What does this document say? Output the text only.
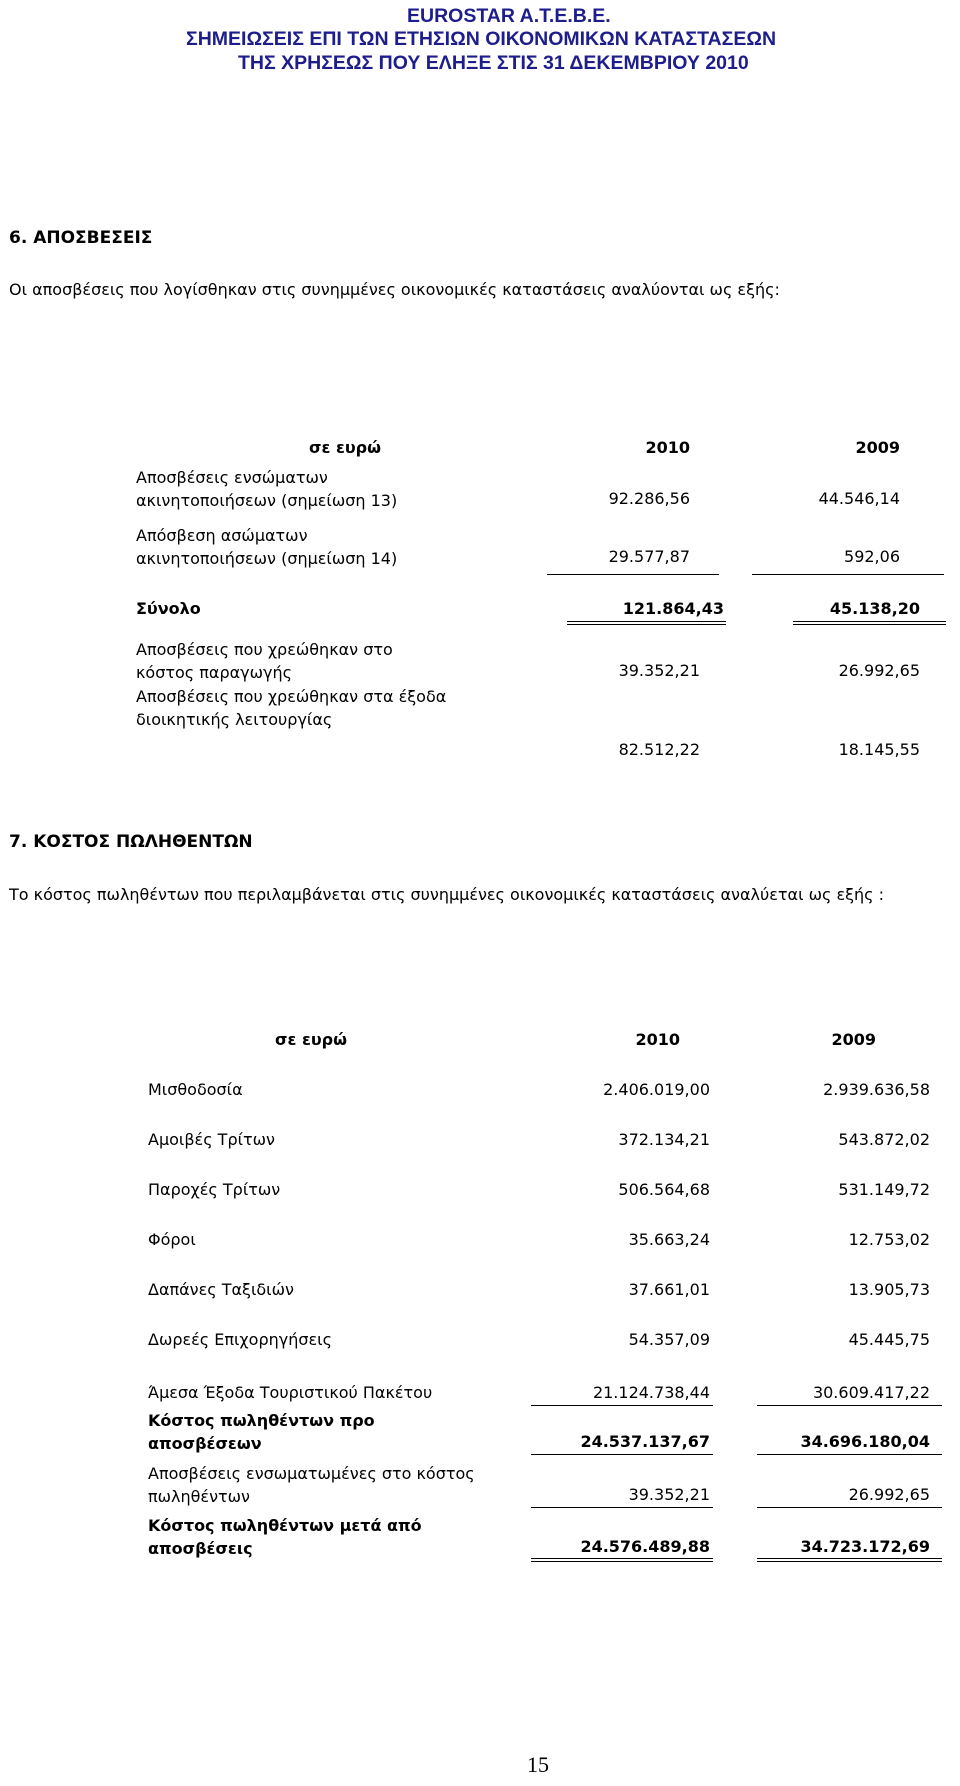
EUROSTAR A.T.E.B.E.
ΣΗΜΕΙΩΣΕΙΣ ΕΠΙ ΤΩΝ ΕΤΗΣΙΩΝ ΟΙΚΟΝΟΜΙΚΩΝ ΚΑΤΑΣΤΑΣΕΩΝ
ΤΗΣ ΧΡΗΣΕΩΣ ΠΟΥ ΕΛΗΞΕ ΣΤΙΣ 31 ΔΕΚΕΜΒΡΙΟΥ 2010
6. ΑΠΟΣΒΕΣΕΙΣ
Οι αποσβέσεις που λογίσθηκαν στις συνημμένες οικονομικές καταστάσεις αναλύονται ως εξής:
σε ευρώ	2010	2009
Αποσβέσεις ενσώματων
ακινητοποιήσεων (σημείωση 13)	92.286,56	44.546,14
Απόσβεση ασώματων
ακινητοποιήσεων (σημείωση 14)	29.577,87	592,06
Σύνολο	121.864,43	45.138,20
Αποσβέσεις που χρεώθηκαν στο
κόστος παραγωγής	39.352,21	26.992,65
Αποσβέσεις που χρεώθηκαν στα έξοδα
διοικητικής λειτουργίας
82.512,22	18.145,55
7. ΚΟΣΤΟΣ ΠΩΛΗΘΕΝΤΩΝ
Το κόστος πωληθέντων που περιλαμβάνεται στις συνημμένες οικονομικές καταστάσεις αναλύεται ως εξής :
σε ευρώ	2010	2009
Μισθοδοσία	2.406.019,00	2.939.636,58
Αμοιβές Τρίτων	372.134,21	543.872,02
Παροχές Τρίτων	506.564,68	531.149,72
Φόροι	35.663,24	12.753,02
Δαπάνες Ταξιδιών	37.661,01	13.905,73
Δωρεές Επιχορηγήσεις	54.357,09	45.445,75
Άμεσα Έξοδα Τουριστικού Πακέτου	21.124.738,44	30.609.417,22
Κόστος πωληθέντων προ
αποσβέσεων	24.537.137,67	34.696.180,04
Αποσβέσεις ενσωματωμένες στο κόστος
πωληθέντων	39.352,21	26.992,65
Κόστος πωληθέντων μετά από
αποσβέσεις	24.576.489,88	34.723.172,69
15
